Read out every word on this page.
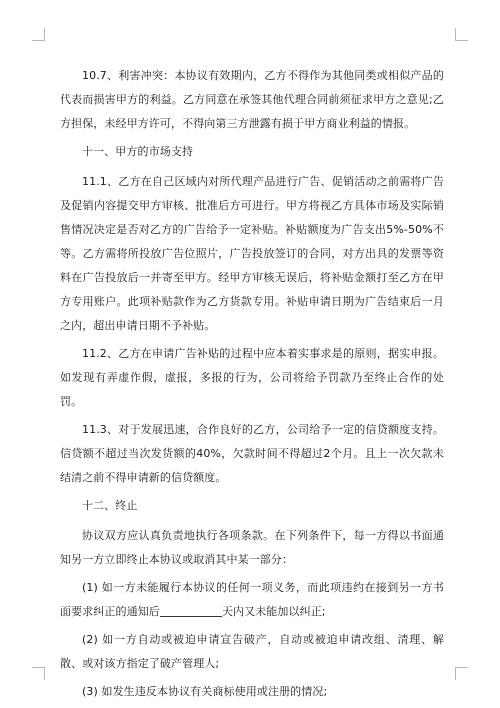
10.7、利害冲突：本协议有效期内，乙方不得作为其他同类或相似产品的代表而损害甲方的利益。乙方同意在承签其他代理合同前须征求甲方之意见;乙方担保，未经甲方许可，不得向第三方泄露有损于甲方商业利益的情报。

十一、甲方的市场支持

11.1、乙方在自己区域内对所代理产品进行广告、促销活动之前需将广告及促销内容提交甲方审核、批准后方可进行。甲方将视乙方具体市场及实际销售情况决定是否对乙方的广告给予一定补贴。补贴额度为广告支出5%-50%不等。乙方需将所投放广告位照片，广告投放签订的合同，对方出具的发票等资料在广告投放后一并寄至甲方。经甲方审核无误后，将补贴金额打至乙方在甲方专用账户。此项补贴款作为乙方货款专用。补贴申请日期为广告结束后一月之内，超出申请日期不予补贴。

11.2、乙方在申请广告补贴的过程中应本着实事求是的原则，据实申报。如发现有弄虚作假，虚报，多报的行为，公司将给予罚款乃至终止合作的处罚。

11.3、对于发展迅速，合作良好的乙方，公司给予一定的信贷额度支持。信贷额不超过当次发货额的40%，欠款时间不得超过2个月。且上一次欠款未结清之前不得申请新的信贷额度。

十二、终止

协议双方应认真负责地执行各项条款。在下列条件下，每一方得以书面通知另一方立即终止本协议或取消其中某一部分：

(1) 如一方未能履行本协议的任何一项义务，而此项违约在接到另一方书面要求纠正的通知后	天内又未能加以纠正;

(2) 如一方自动或被迫申请宣告破产，自动或被迫申请改组、清理、解散、或对该方指定了破产管理人;

(3) 如发生违反本协议有关商标使用或注册的情况;
